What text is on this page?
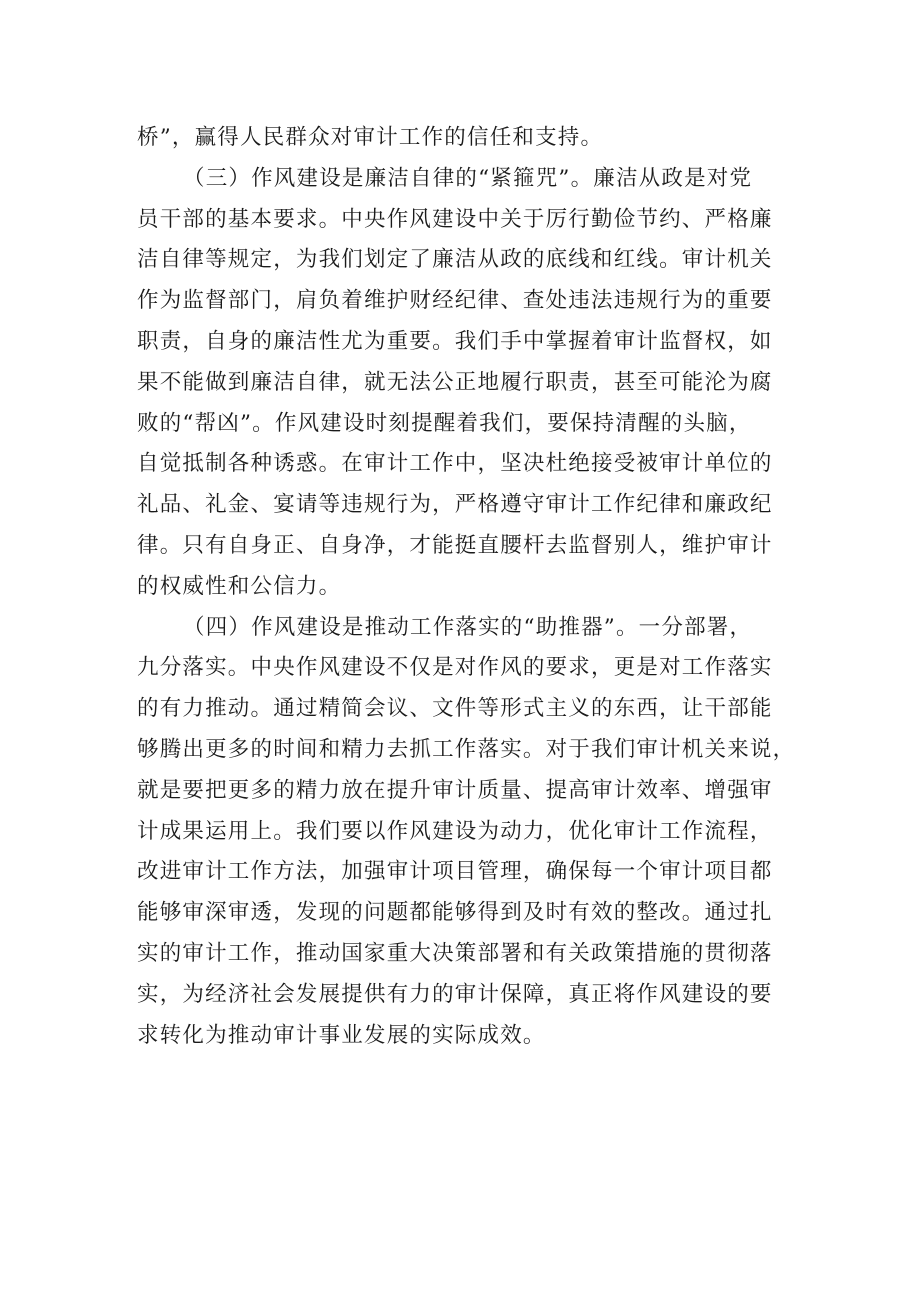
桥”，赢得人民群众对审计工作的信任和支持。
（三）作风建设是廉洁自律的“紧箍咒”。廉洁从政是对党
员干部的基本要求。中央作风建设中关于厉行勤俭节约、严格廉
洁自律等规定，为我们划定了廉洁从政的底线和红线。审计机关
作为监督部门，肩负着维护财经纪律、查处违法违规行为的重要
职责，自身的廉洁性尤为重要。我们手中掌握着审计监督权，如
果不能做到廉洁自律，就无法公正地履行职责，甚至可能沦为腐
败的“帮凶”。作风建设时刻提醒着我们，要保持清醒的头脑，
自觉抵制各种诱惑。在审计工作中，坚决杜绝接受被审计单位的
礼品、礼金、宴请等违规行为，严格遵守审计工作纪律和廉政纪
律。只有自身正、自身净，才能挺直腰杆去监督别人，维护审计
的权威性和公信力。
（四）作风建设是推动工作落实的“助推器”。一分部署，
九分落实。中央作风建设不仅是对作风的要求，更是对工作落实
的有力推动。通过精简会议、文件等形式主义的东西，让干部能
够腾出更多的时间和精力去抓工作落实。对于我们审计机关来说，
就是要把更多的精力放在提升审计质量、提高审计效率、增强审
计成果运用上。我们要以作风建设为动力，优化审计工作流程，
改进审计工作方法，加强审计项目管理，确保每一个审计项目都
能够审深审透，发现的问题都能够得到及时有效的整改。通过扎
实的审计工作，推动国家重大决策部署和有关政策措施的贯彻落
实，为经济社会发展提供有力的审计保障，真正将作风建设的要
求转化为推动审计事业发展的实际成效。
